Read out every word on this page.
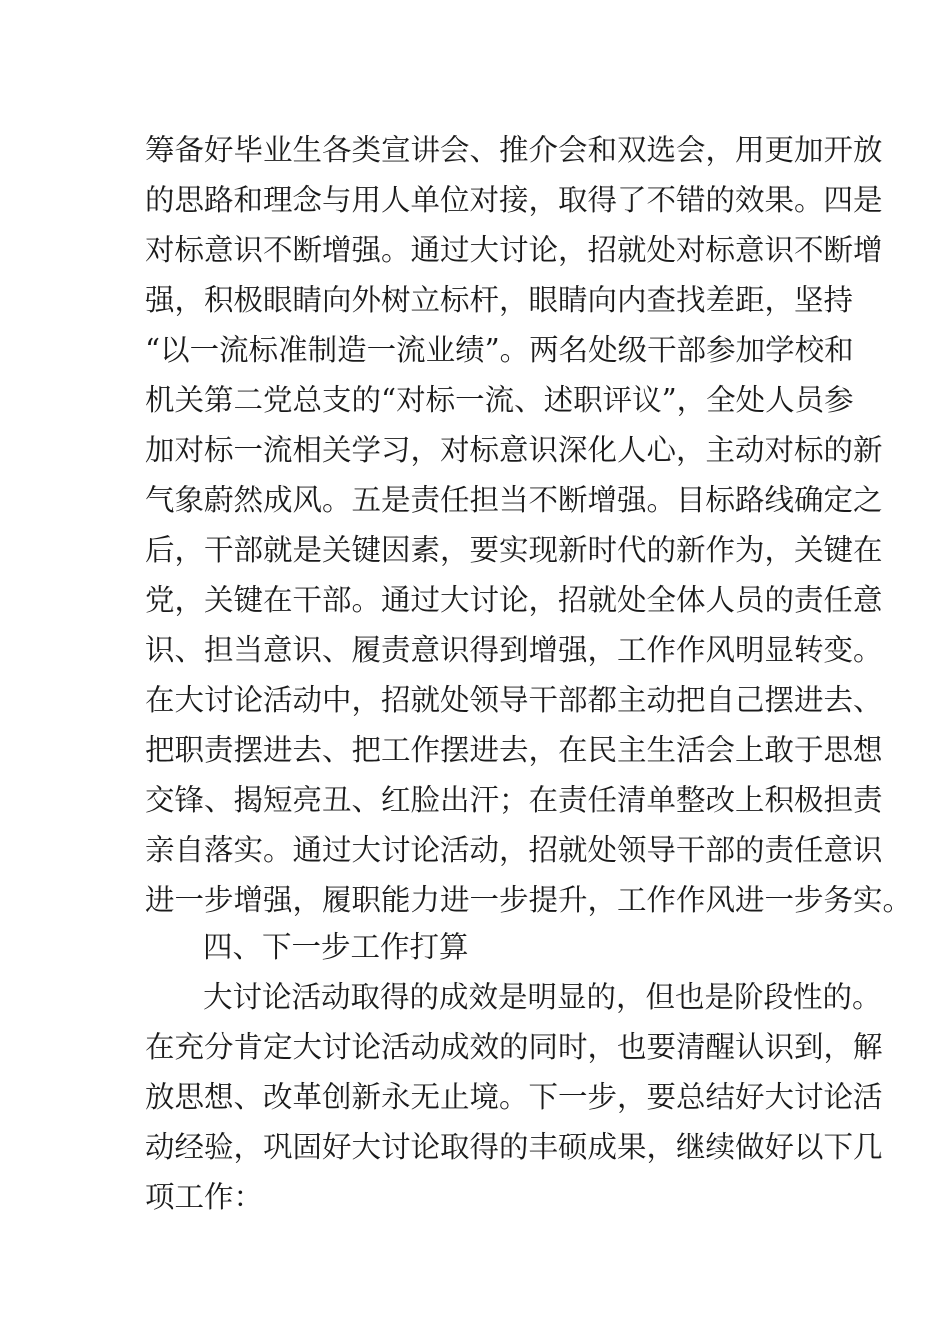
筹备好毕业生各类宣讲会、推介会和双选会，用更加开放
的思路和理念与用人单位对接，取得了不错的效果。四是
对标意识不断增强。通过大讨论，招就处对标意识不断增
强，积极眼睛向外树立标杆，眼睛向内查找差距，坚持
“以一流标准制造一流业绩”。两名处级干部参加学校和
机关第二党总支的“对标一流、述职评议”，全处人员参
加对标一流相关学习，对标意识深化人心，主动对标的新
气象蔚然成风。五是责任担当不断增强。目标路线确定之
后，干部就是关键因素，要实现新时代的新作为，关键在
党，关键在干部。通过大讨论，招就处全体人员的责任意
识、担当意识、履责意识得到增强，工作作风明显转变。
在大讨论活动中，招就处领导干部都主动把自己摆进去、
把职责摆进去、把工作摆进去，在民主生活会上敢于思想
交锋、揭短亮丑、红脸出汗；在责任清单整改上积极担责
亲自落实。通过大讨论活动，招就处领导干部的责任意识
进一步增强，履职能力进一步提升，工作作风进一步务实。
四、下一步工作打算
大讨论活动取得的成效是明显的，但也是阶段性的。
在充分肯定大讨论活动成效的同时，也要清醒认识到，解
放思想、改革创新永无止境。下一步，要总结好大讨论活
动经验，巩固好大讨论取得的丰硕成果，继续做好以下几
项工作：
